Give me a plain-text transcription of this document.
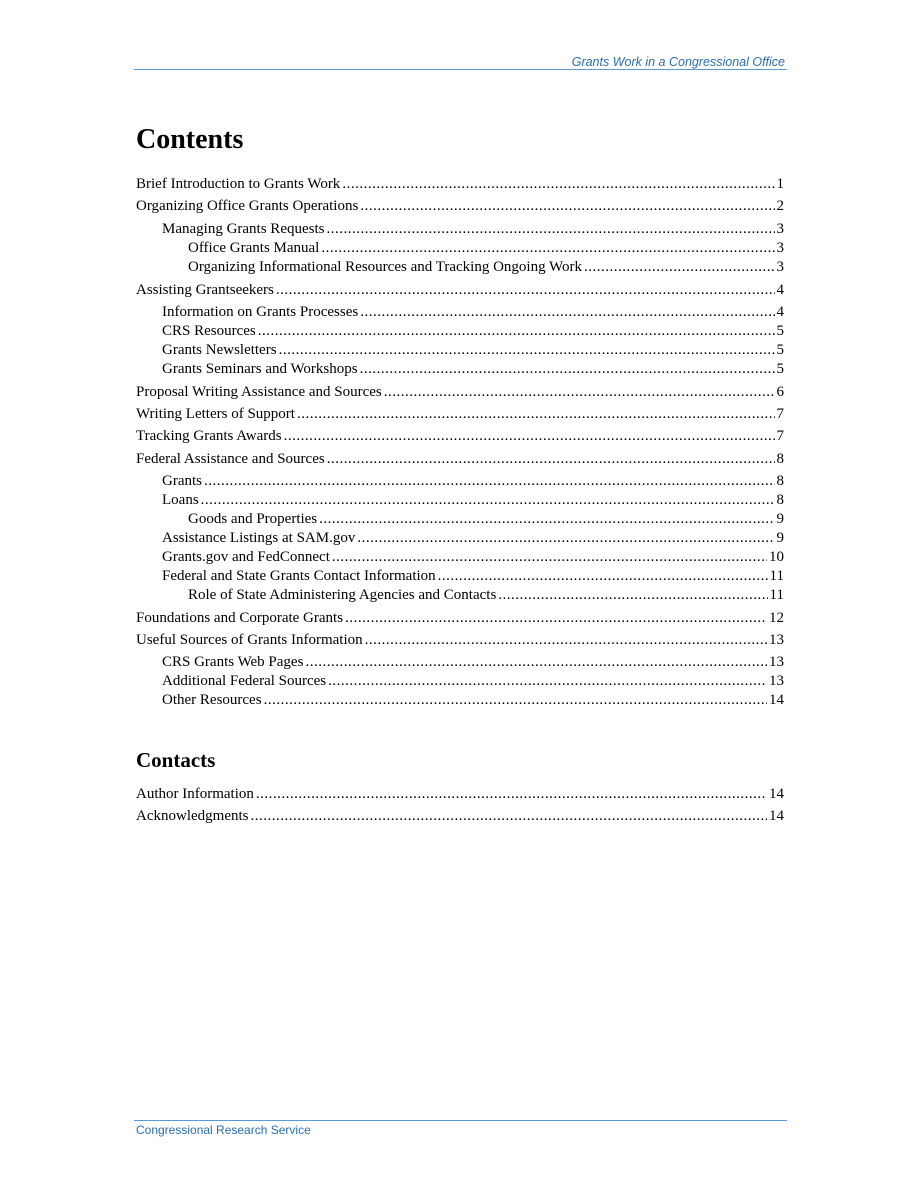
Grants Work in a Congressional Office
Contents
Brief Introduction to Grants Work .....	1
Organizing Office Grants Operations .....	2
Managing Grants Requests .....	3
Office Grants Manual .....	3
Organizing Informational Resources and Tracking Ongoing Work .....	3
Assisting Grantseekers .....	4
Information on Grants Processes .....	4
CRS Resources .....	5
Grants Newsletters .....	5
Grants Seminars and Workshops .....	5
Proposal Writing Assistance and Sources .....	6
Writing Letters of Support .....	7
Tracking Grants Awards .....	7
Federal Assistance and Sources .....	8
Grants .....	8
Loans .....	8
Goods and Properties .....	9
Assistance Listings at SAM.gov .....	9
Grants.gov and FedConnect .....	10
Federal and State Grants Contact Information .....	11
Role of State Administering Agencies and Contacts .....	11
Foundations and Corporate Grants .....	12
Useful Sources of Grants Information .....	13
CRS Grants Web Pages .....	13
Additional Federal Sources .....	13
Other Resources .....	14
Contacts
Author Information .....	14
Acknowledgments .....	14
Congressional Research Service
